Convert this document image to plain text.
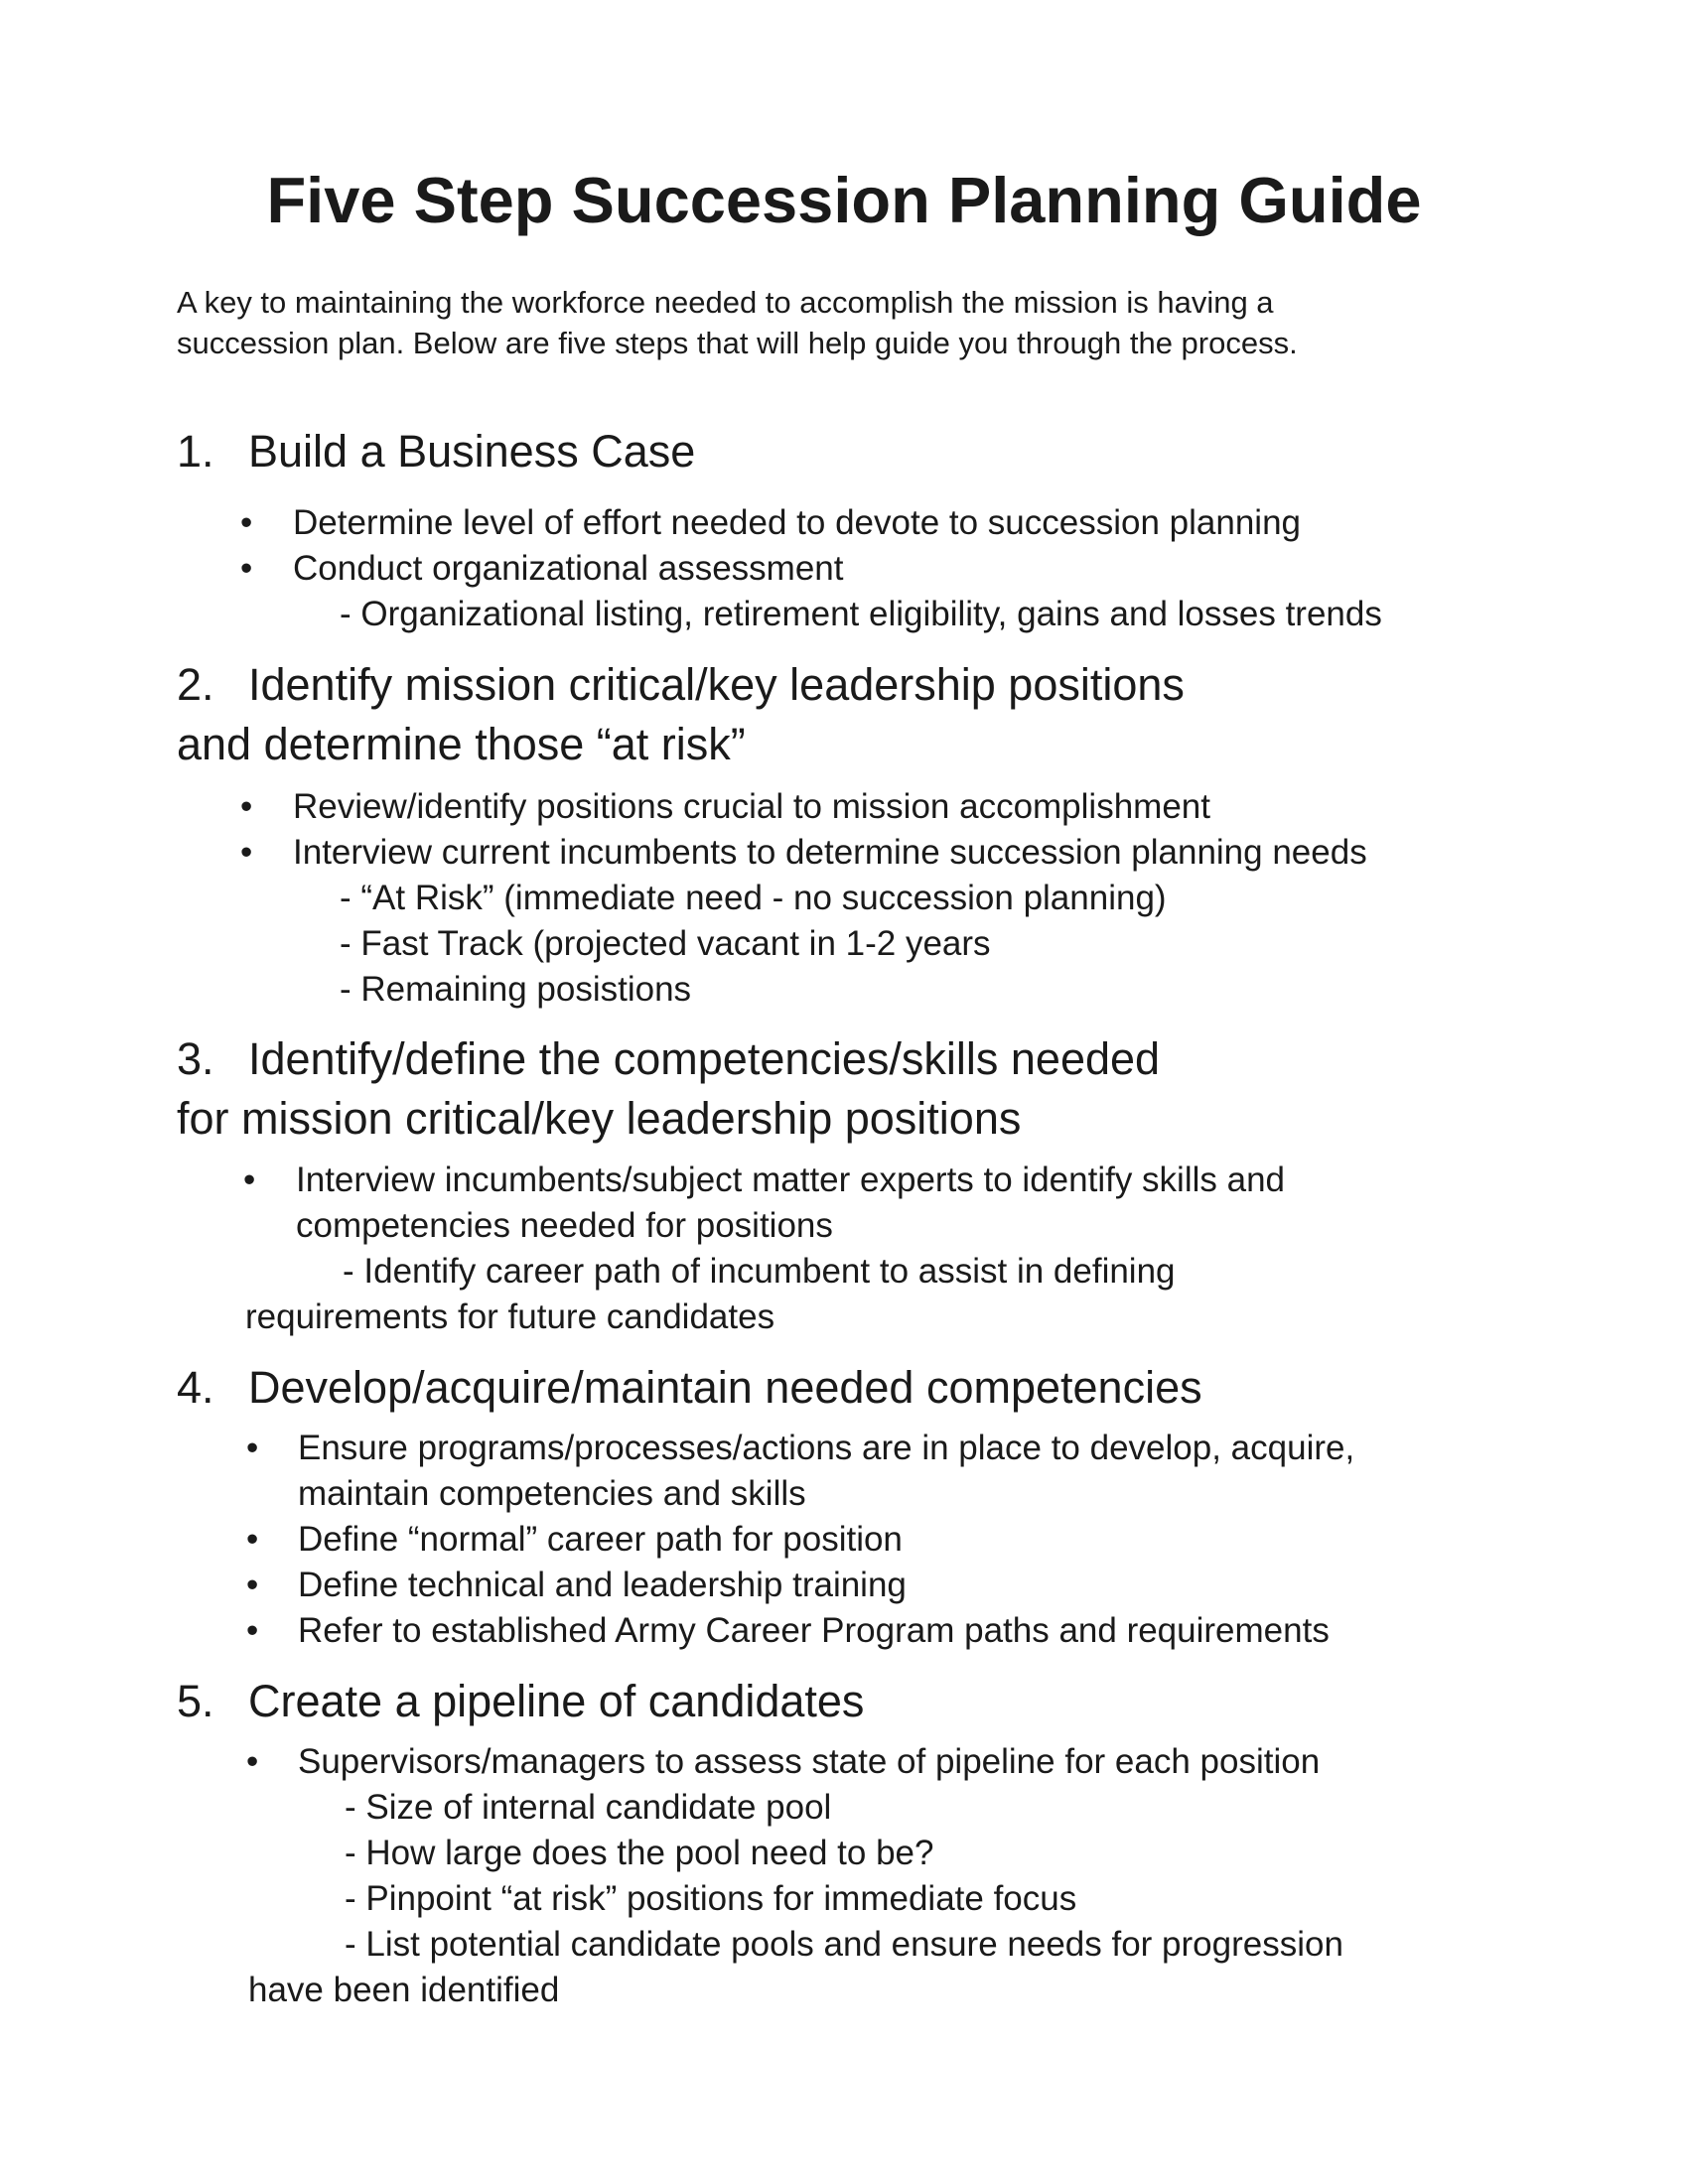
Five Step Succession Planning Guide

A key to maintaining the workforce needed to accomplish the mission is having a
succession plan. Below are five steps that will help guide you through the process.

1. Build a Business Case
• Determine level of effort needed to devote to succession planning
• Conduct organizational assessment
- Organizational listing, retirement eligibility, gains and losses trends
2. Identify mission critical/key leadership positions
and determine those “at risk”
• Review/identify positions crucial to mission accomplishment
• Interview current incumbents to determine succession planning needs
- “At Risk” (immediate need - no succession planning)
- Fast Track (projected vacant in 1-2 years
- Remaining posistions
3. Identify/define the competencies/skills needed
for mission critical/key leadership positions
• Interview incumbents/subject matter experts to identify skills and
competencies needed for positions
- Identify career path of incumbent to assist in defining
requirements for future candidates
4. Develop/acquire/maintain needed competencies
• Ensure programs/processes/actions are in place to develop, acquire,
maintain competencies and skills
• Define “normal” career path for position
• Define technical and leadership training
• Refer to established Army Career Program paths and requirements
5. Create a pipeline of candidates
• Supervisors/managers to assess state of pipeline for each position
- Size of internal candidate pool
- How large does the pool need to be?
- Pinpoint “at risk” positions for immediate focus
- List potential candidate pools and ensure needs for progression
have been identified
